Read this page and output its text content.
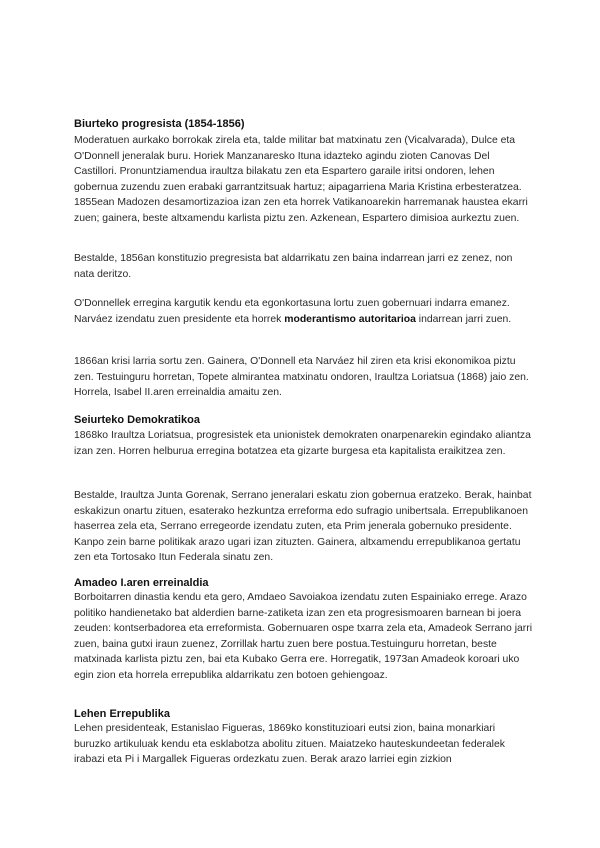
Biurteko progresista (1854-1856)

Moderatuen aurkako borrokak zirela eta, talde militar bat matxinatu zen (Vicalvarada), Dulce eta O'Donnell jeneralak buru. Horiek Manzanaresko Ituna idazteko agindu zioten Canovas Del Castillori. Pronuntziamendua iraultza bilakatu zen eta Espartero garaile iritsi ondoren, lehen gobernua zuzendu zuen erabaki garrantzitsuak hartuz; aipagarriena Maria Kristina erbesteratzea. 1855ean Madozen desamortizazioa izan zen eta horrek Vatikanoarekin harremanak haustea ekarri zuen; gainera, beste altxamendu karlista piztu zen. Azkenean, Espartero dimisioa aurkeztu zuen.

Bestalde, 1856an konstituzio pregresista bat aldarrikatu zen baina indarrean jarri ez zenez, non nata deritzo.

O'Donnellek erregina kargutik kendu eta egonkortasuna lortu zuen gobernuari indarra emanez. Narváez izendatu zuen presidente eta horrek moderantismo autoritarioa indarrean jarri zuen.

1866an krisi larria sortu zen. Gainera, O'Donnell eta Narváez hil ziren eta krisi ekonomikoa piztu zen. Testuinguru horretan, Topete almirantea matxinatu ondoren, Iraultza Loriatsua (1868) jaio zen. Horrela, Isabel II.aren erreinaldia amaitu zen.

Seiurteko Demokratikoa

1868ko Iraultza Loriatsua, progresistek eta unionistek demokraten onarpenarekin egindako aliantza izan zen. Horren helburua erregina botatzea eta gizarte burgesa eta kapitalista eraikitzea zen.

Bestalde, Iraultza Junta Gorenak, Serrano jeneralari eskatu zion gobernua eratzeko. Berak, hainbat eskakizun onartu zituen, esaterako hezkuntza erreforma edo sufragio unibertsala. Errepublikanoen haserrea zela eta, Serrano erregeorde izendatu zuten, eta Prim jenerala gobernuko presidente. Kanpo zein barne politikak arazo ugari izan zituzten. Gainera, altxamendu errepublikanoa gertatu zen eta Tortosako Itun Federala sinatu zen.

Amadeo I.aren erreinaldia

Borboitarren dinastia kendu eta gero, Amdaeo Savoiakoa izendatu zuten Espainiako errege. Arazo politiko handienetako bat alderdien barne-zatiketa izan zen eta progresismoaren barnean bi joera zeuden: kontserbadorea eta erreformista. Gobernuaren ospe txarra zela eta, Amadeok Serrano jarri zuen, baina gutxi iraun zuenez, Zorrillak hartu zuen bere postua.Testuinguru horretan, beste matxinada karlista piztu zen, bai eta Kubako Gerra ere. Horregatik, 1973an Amadeok koroari uko egin zion eta horrela errepublika aldarrikatu zen botoen gehiengoaz.

Lehen Errepublika

Lehen presidenteak, Estanislao Figueras, 1869ko konstituzioari eutsi zion, baina monarkiari buruzko artikuluak kendu eta esklabotza abolitu zituen. Maiatzeko hauteskundeetan federalek irabazi eta Pi i Margallek Figueras ordezkatu zuen. Berak arazo larriei egin zizkion
